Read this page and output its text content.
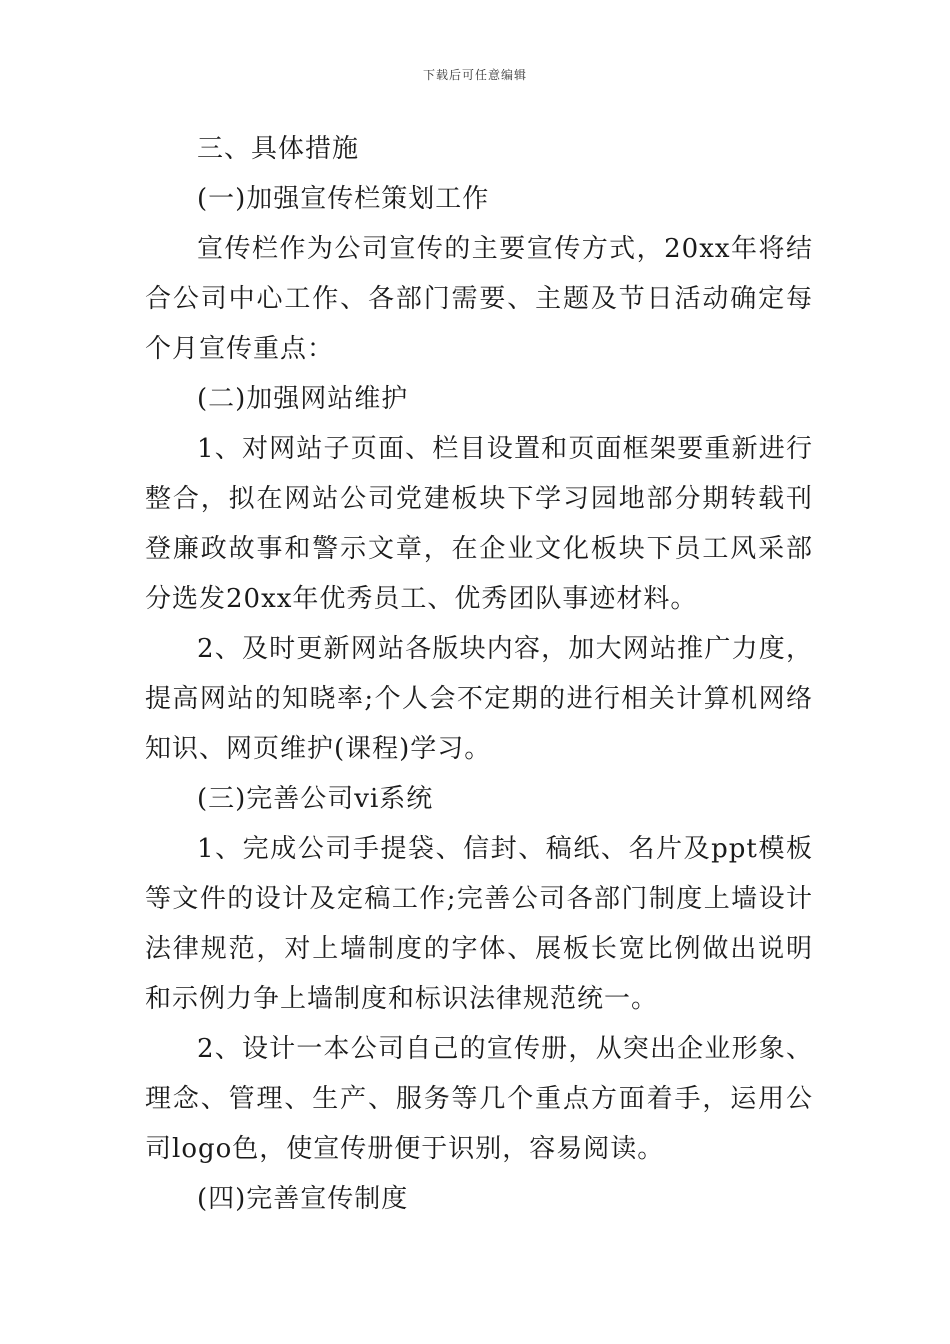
下载后可任意编辑

三、具体措施

(一)加强宣传栏策划工作

宣传栏作为公司宣传的主要宣传方式，20xx年将结合公司中心工作、各部门需要、主题及节日活动确定每个月宣传重点：

(二)加强网站维护

1、对网站子页面、栏目设置和页面框架要重新进行整合，拟在网站公司党建板块下学习园地部分期转载刊登廉政故事和警示文章，在企业文化板块下员工风采部分选发20xx年优秀员工、优秀团队事迹材料。

2、及时更新网站各版块内容，加大网站推广力度，提高网站的知晓率;个人会不定期的进行相关计算机网络知识、网页维护(课程)学习。

(三)完善公司vi系统

1、完成公司手提袋、信封、稿纸、名片及ppt模板等文件的设计及定稿工作;完善公司各部门制度上墙设计法律规范，对上墙制度的字体、展板长宽比例做出说明和示例力争上墙制度和标识法律规范统一。

2、设计一本公司自己的宣传册，从突出企业形象、理念、管理、生产、服务等几个重点方面着手，运用公司logo色，使宣传册便于识别，容易阅读。

(四)完善宣传制度
